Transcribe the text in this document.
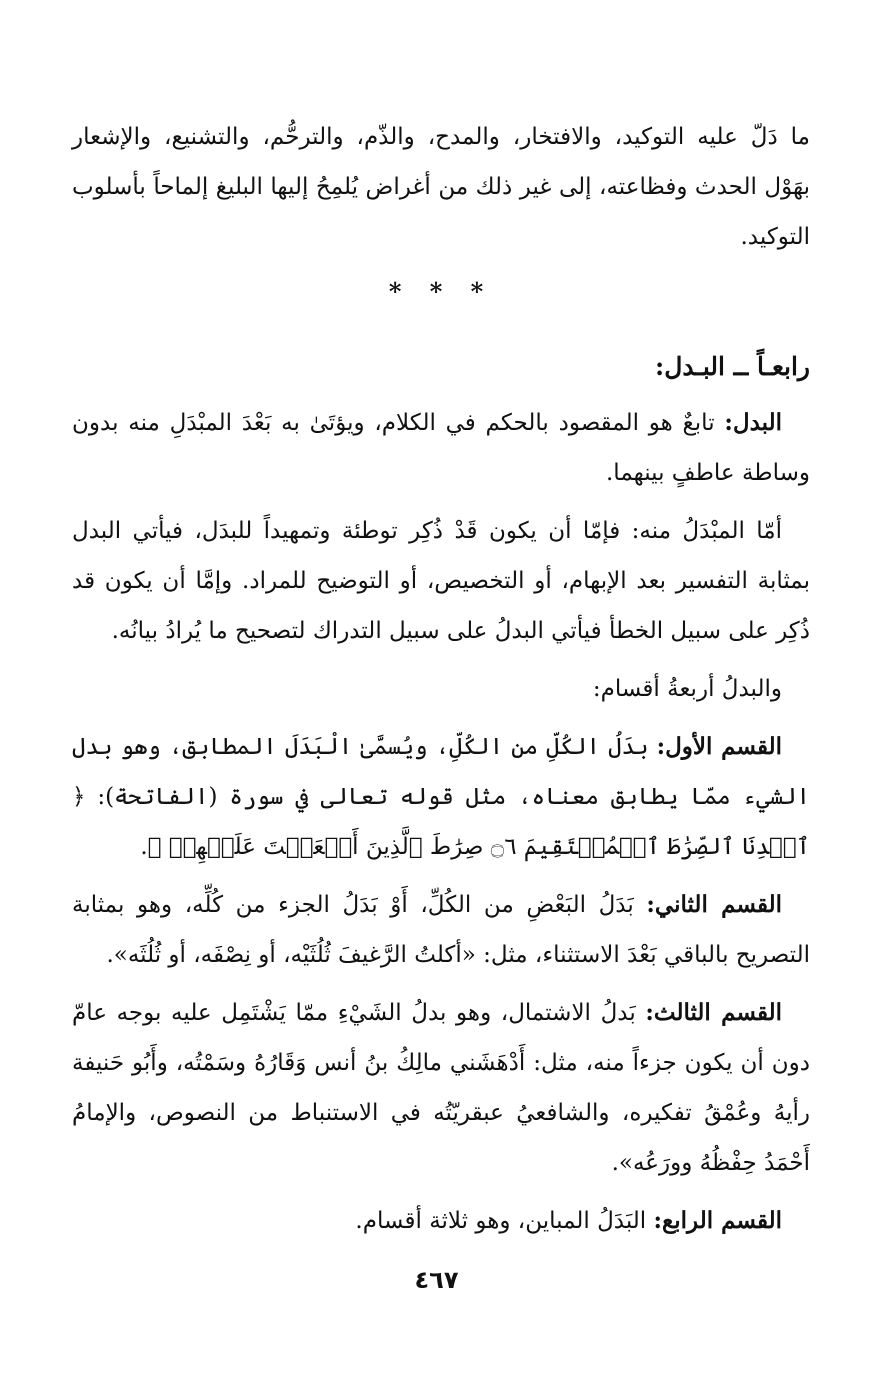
ما دَلّ عليه التوكيد، والافتخار، والمدح، والذّم، والترحُّم، والتشنيع، والإشعار بهَوْل الحدث وفظاعته، إلى غير ذلك من أغراض يُلمِحُ إليها البليغ إلماحاً بأسلوب التوكيد.

* * *
رابعـاً ــ البـدل:

البدل: تابعٌ هو المقصود بالحكم في الكلام، ويؤتَىٰ به بَعْدَ المبْدَلِ منه بدون وساطة عاطفٍ بينهما.

أمّا المبْدَلُ منه: فإمّا أن يكون قَدْ ذُكِر توطئة وتمهيداً للبدَل، فيأتي البدل بمثابة التفسير بعد الإبهام، أو التخصيص، أو التوضيح للمراد. وإمَّا أن يكون قد ذُكِر على سبيل الخطأ فيأتي البدلُ على سبيل التدراك لتصحيح ما يُرادُ بيانُه.

والبدلُ أربعةُ أقسام:

القسم الأول: بدَلُ الكُلِّ من الكُلِّ، ويُسمَّىٰ الْبَدَلَ المطابق، وهو بدل الشيء ممّا يطابق معناه، مثل قوله تعالى في سورة (الفاتحة): ﴿ ٱهۡدِنَا ٱلصِّرَٰطَ ٱلۡمُسۡتَقِيمَ ۝٦ صِرَٰطَ ٱلَّذِينَ أَنۡعَمۡتَ عَلَيۡهِمۡ ﴾.

القسم الثاني: بَدَلُ البَعْضِ من الكُلِّ، أَوْ بَدَلُ الجزء من كُلِّه، وهو بمثابة التصريح بالباقي بَعْدَ الاستثناء، مثل: «أكلتُ الرَّغيفَ ثُلُثَيْه، أو نِصْفَه، أو ثُلُثَه».

القسم الثالث: بَدلُ الاشتمال، وهو بدلُ الشَيْءِ ممّا يَشْتَمِل عليه بوجه عامّ دون أن يكون جزءاً منه، مثل: أَدْهَشَني مالِكُ بنُ أنس وَقَارُهُ وسَمْتُه، وأَبُو حَنيفة رأيهُ وعُمْقُ تفكيره، والشافعيُ عبقريّتُه في الاستنباط من النصوص، والإمامُ أَحْمَدُ حِفْظُهُ وورَعُه».

القسم الرابع: البَدَلُ المباين، وهو ثلاثة أقسام.

٤٦٧
